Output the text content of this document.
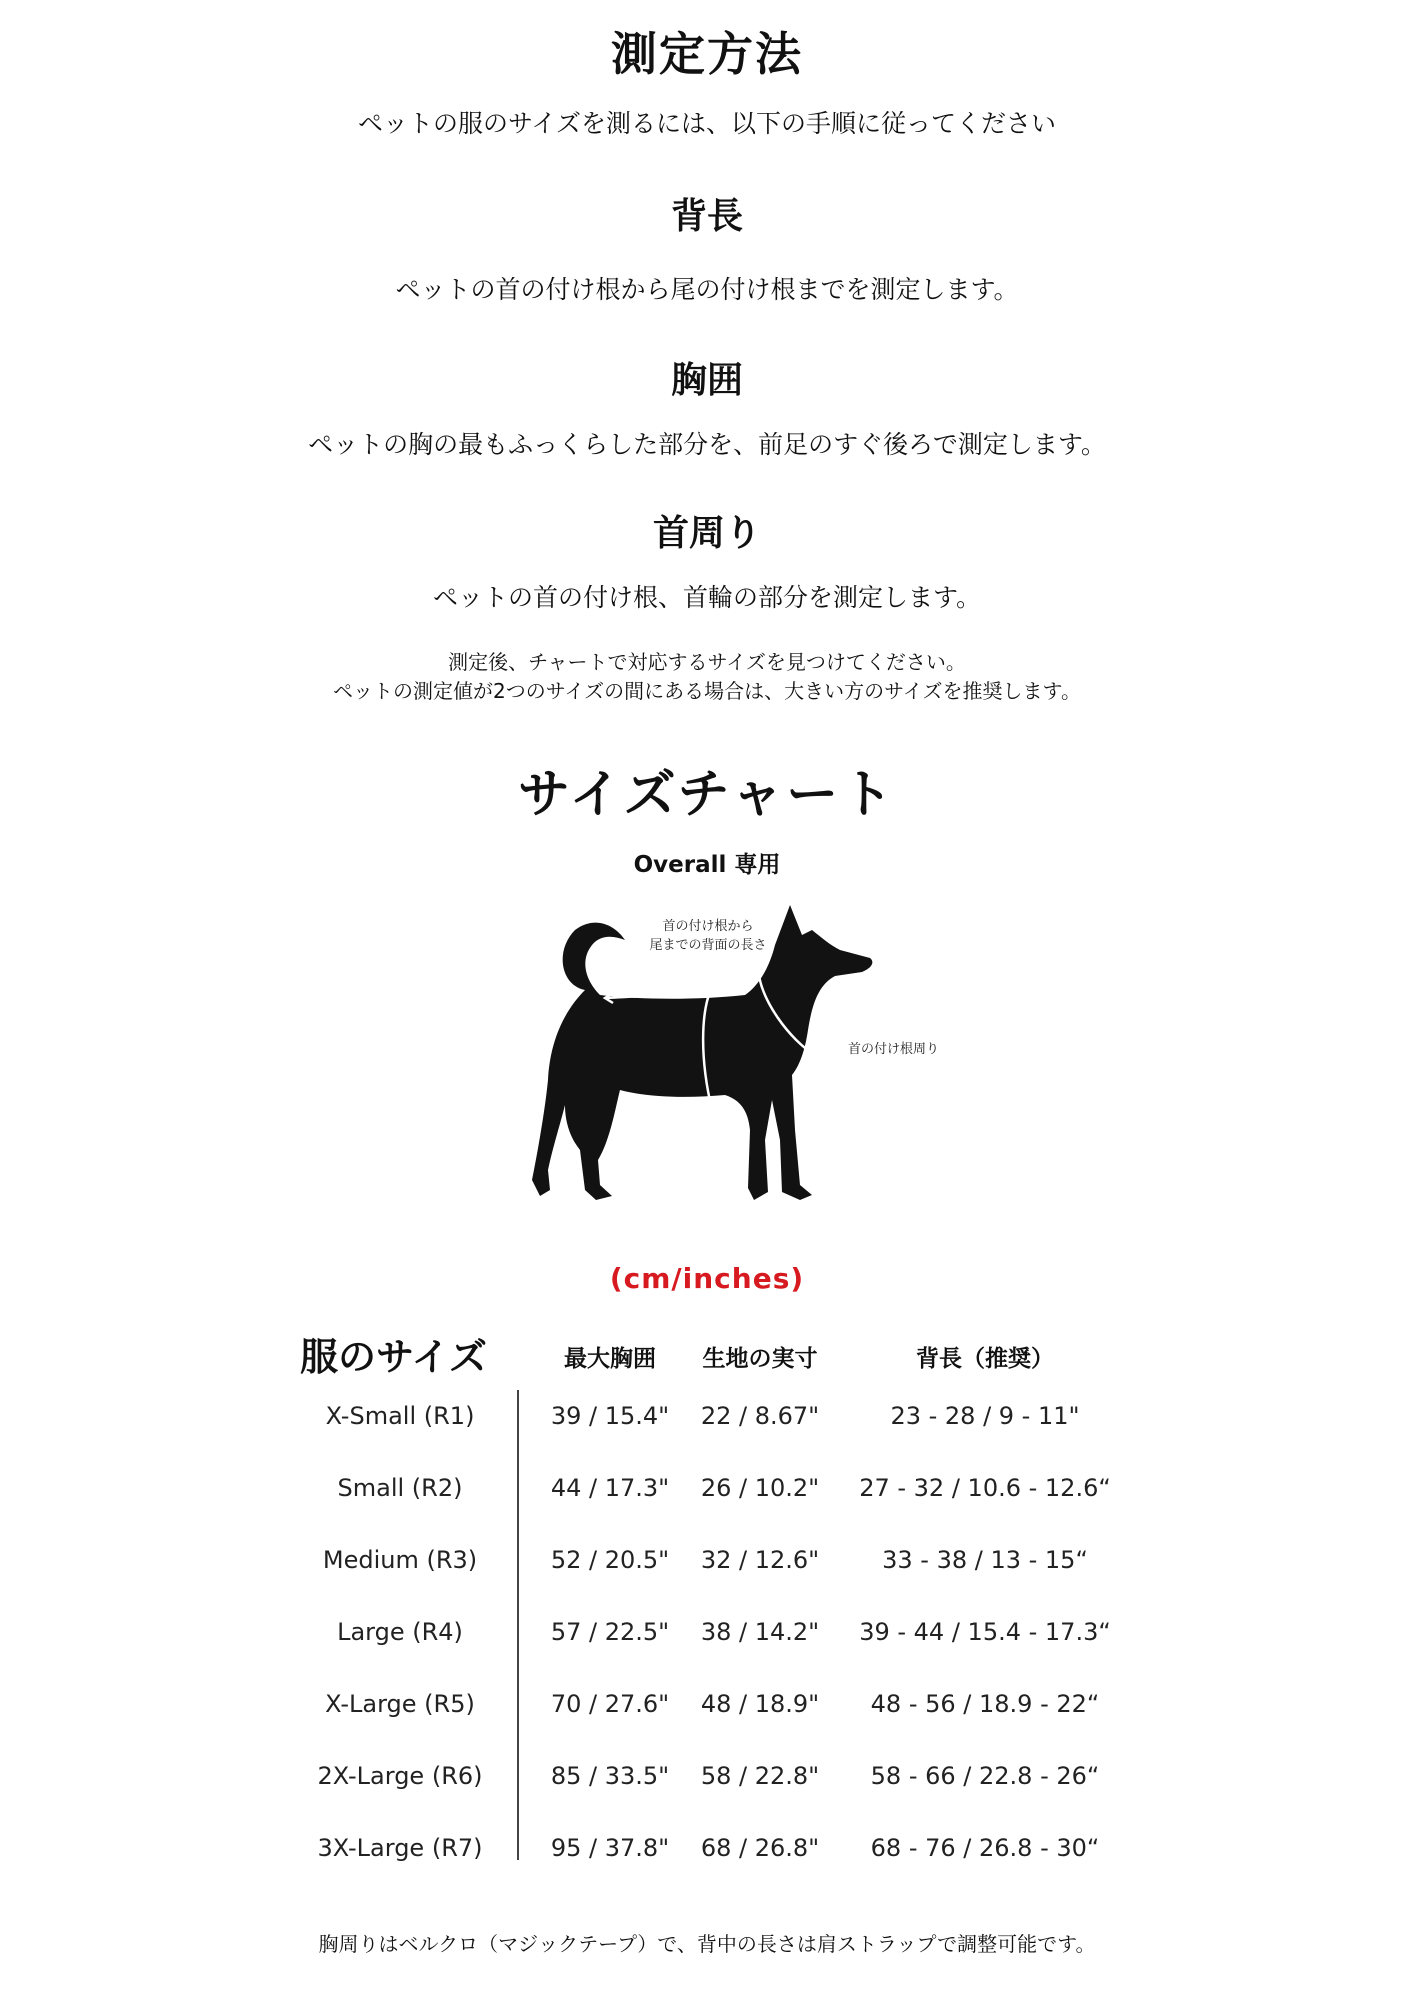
測定方法
ペットの服のサイズを測るには、以下の手順に従ってください
背長
ペットの首の付け根から尾の付け根までを測定します。
胸囲
ペットの胸の最もふっくらした部分を、前足のすぐ後ろで測定します。
首周り
ペットの首の付け根、首輪の部分を測定します。
測定後、チャートで対応するサイズを見つけてください。
ペットの測定値が2つのサイズの間にある場合は、大きい方のサイズを推奨します。
サイズチャート
Overall 専用
首の付け根から
尾までの背面の長さ
首の付け根周り
(cm/inches)
服のサイズ	最大胸囲	生地の実寸	背長（推奨）
X-Small (R1)	39 / 15.4"	22 / 8.67"	23 - 28 / 9 - 11"
Small (R2)	44 / 17.3"	26 / 10.2"	27 - 32 / 10.6 - 12.6“
Medium (R3)	52 / 20.5"	32 / 12.6"	33 - 38 / 13 - 15“
Large (R4)	57 / 22.5"	38 / 14.2"	39 - 44 / 15.4 - 17.3“
X-Large (R5)	70 / 27.6"	48 / 18.9"	48 - 56 / 18.9 - 22“
2X-Large (R6)	85 / 33.5"	58 / 22.8"	58 - 66 / 22.8 - 26“
3X-Large (R7)	95 / 37.8"	68 / 26.8"	68 - 76 / 26.8 - 30“
胸周りはベルクロ（マジックテープ）で、背中の長さは肩ストラップで調整可能です。
